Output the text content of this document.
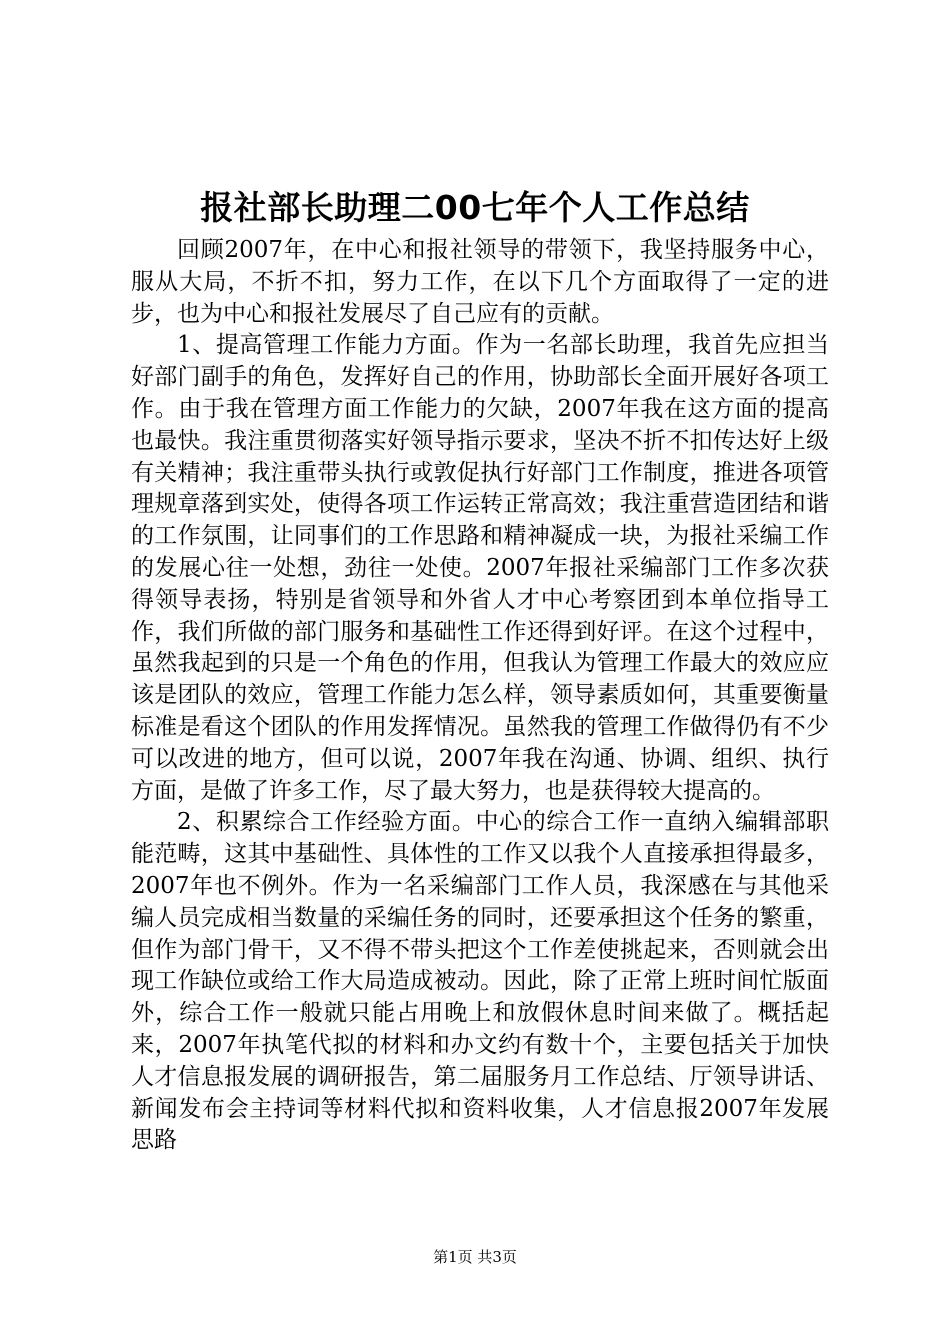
报社部长助理二00七年个人工作总结

回顾2007年，在中心和报社领导的带领下，我坚持服务中心，服从大局，不折不扣，努力工作，在以下几个方面取得了一定的进步，也为中心和报社发展尽了自己应有的贡献。

1、提高管理工作能力方面。作为一名部长助理，我首先应担当好部门副手的角色，发挥好自己的作用，协助部长全面开展好各项工作。由于我在管理方面工作能力的欠缺，2007年我在这方面的提高也最快。我注重贯彻落实好领导指示要求，坚决不折不扣传达好上级有关精神；我注重带头执行或敦促执行好部门工作制度，推进各项管理规章落到实处，使得各项工作运转正常高效；我注重营造团结和谐的工作氛围，让同事们的工作思路和精神凝成一块，为报社采编工作的发展心往一处想，劲往一处使。2007年报社采编部门工作多次获得领导表扬，特别是省领导和外省人才中心考察团到本单位指导工作，我们所做的部门服务和基础性工作还得到好评。在这个过程中，虽然我起到的只是一个角色的作用，但我认为管理工作最大的效应应该是团队的效应，管理工作能力怎么样，领导素质如何，其重要衡量标准是看这个团队的作用发挥情况。虽然我的管理工作做得仍有不少可以改进的地方，但可以说，2007年我在沟通、协调、组织、执行方面，是做了许多工作，尽了最大努力，也是获得较大提高的。

2、积累综合工作经验方面。中心的综合工作一直纳入编辑部职能范畴，这其中基础性、具体性的工作又以我个人直接承担得最多，2007年也不例外。作为一名采编部门工作人员，我深感在与其他采编人员完成相当数量的采编任务的同时，还要承担这个任务的繁重，但作为部门骨干，又不得不带头把这个工作差使挑起来，否则就会出现工作缺位或给工作大局造成被动。因此，除了正常上班时间忙版面外，综合工作一般就只能占用晚上和放假休息时间来做了。概括起来，2007年执笔代拟的材料和办文约有数十个，主要包括关于加快人才信息报发展的调研报告，第二届服务月工作总结、厅领导讲话、新闻发布会主持词等材料代拟和资料收集，人才信息报2007年发展思路

第1页 共3页
